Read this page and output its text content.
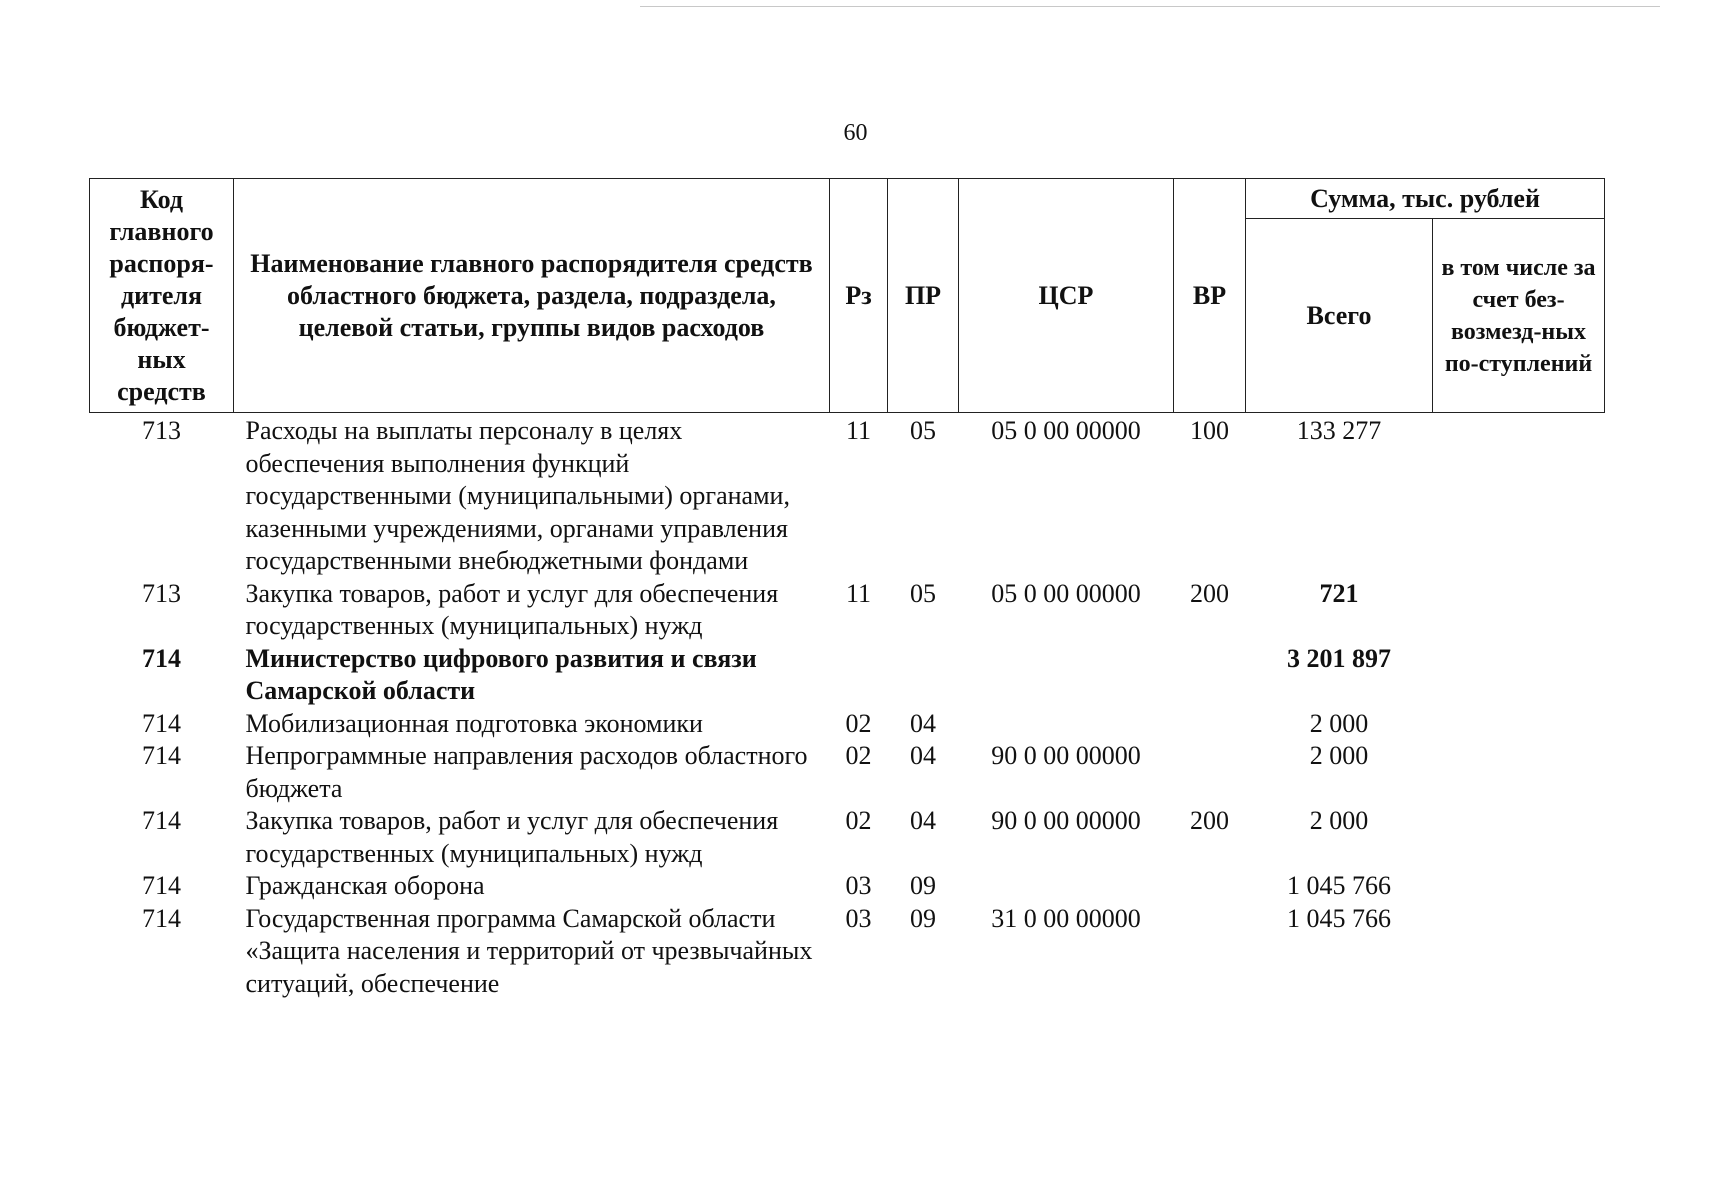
60
Код главного распоря-дителя бюджет-ных средств	Наименование главного распорядителя средств областного бюджета, раздела, подраздела, целевой статьи, группы видов расходов	Рз	ПР	ЦСР	ВР	Сумма, тыс. рублей	
						Всего	в том числе за счет без-возмезд-ных по-ступлений
713	Расходы на выплаты персоналу в целях обеспечения выполнения функций государственными (муниципальными) органами, казенными учреждениями, органами управления государственными внебюджетными фондами	11	05	05 0 00 00000	100	133 277	
713	Закупка товаров, работ и услуг для обеспечения государственных (муниципальных) нужд	11	05	05 0 00 00000	200	721	
714	Министерство цифрового развития и связи Самарской области					3 201 897	
714	Мобилизационная подготовка экономики	02	04			2 000	
714	Непрограммные направления расходов областного бюджета	02	04	90 0 00 00000		2 000	
714	Закупка товаров, работ и услуг для обеспечения государственных (муниципальных) нужд	02	04	90 0 00 00000	200	2 000	
714	Гражданская оборона	03	09			1 045 766	
714	Государственная программа Самарской области «Защита населения и территорий от чрезвычайных ситуаций, обеспечение	03	09	31 0 00 00000		1 045 766	
